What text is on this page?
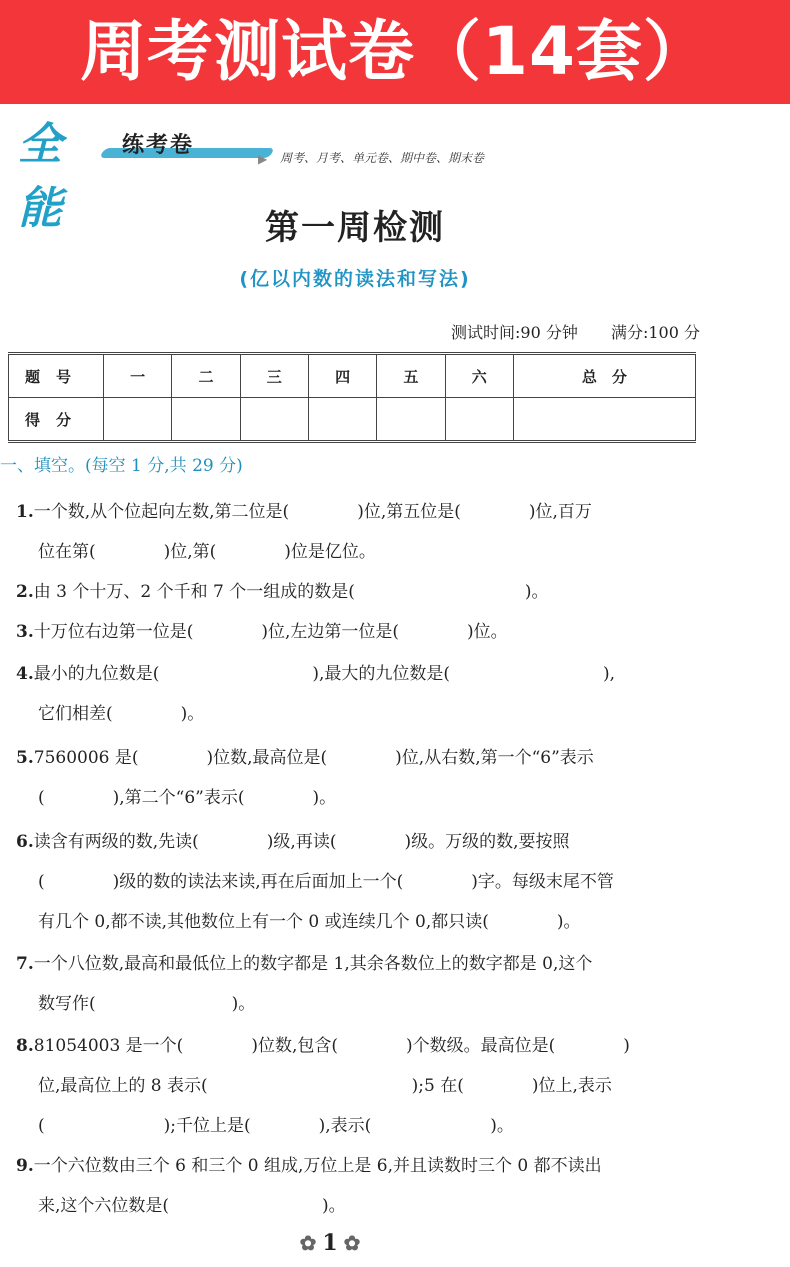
周考测试卷（14套）
全能
练考卷
▶ 周考、月考、单元卷、期中卷、期末卷
第一周检测
(亿以内数的读法和写法)
测试时间:90 分钟 满分:100 分
题号	一	二	三	四	五	六	总　分
得分							
一、填空。(每空 1 分,共 29 分)
1.一个数,从个位起向左数,第二位是(　　　　)位,第五位是(　　　　)位,百万
位在第(　　　　)位,第(　　　　)位是亿位。
2.由 3 个十万、2 个千和 7 个一组成的数是(　　　　　　　　　　)。
3.十万位右边第一位是(　　　　)位,左边第一位是(　　　　)位。
4.最小的九位数是(　　　　　　　　　),最大的九位数是(　　　　　　　　　),
它们相差(　　　　)。
5.7560006 是(　　　　)位数,最高位是(　　　　)位,从右数,第一个“6”表示
(　　　　),第二个“6”表示(　　　　)。
6.读含有两级的数,先读(　　　　)级,再读(　　　　)级。万级的数,要按照
(　　　　)级的数的读法来读,再在后面加上一个(　　　　)字。每级末尾不管
有几个 0,都不读,其他数位上有一个 0 或连续几个 0,都只读(　　　　)。
7.一个八位数,最高和最低位上的数字都是 1,其余各数位上的数字都是 0,这个
数写作(　　　　　　　　)。
8.81054003 是一个(　　　　)位数,包含(　　　　)个数级。最高位是(　　　　)
位,最高位上的 8 表示(　　　　　　　　　　　　);5 在(　　　　)位上,表示
(　　　　　　　);千位上是(　　　　),表示(　　　　　　　)。
9.一个六位数由三个 6 和三个 0 组成,万位上是 6,并且读数时三个 0 都不读出
来,这个六位数是(　　　　　　　　　)。
✿ 1 ✿
